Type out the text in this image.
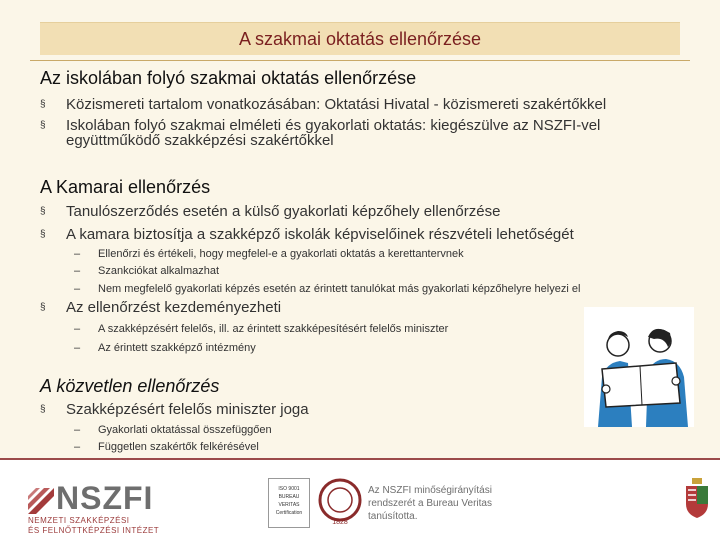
A szakmai oktatás ellenőrzése
Az iskolában folyó szakmai oktatás ellenőrzése
§ Közismereti tartalom vonatkozásában: Oktatási Hivatal - közismereti szakértőkkel
§ Iskolában folyó szakmai elméleti és gyakorlati oktatás: kiegészülve az NSZFI-vel
együttműködő szakképzési szakértőkkel
A Kamarai ellenőrzés
§ Tanulószerződés esetén a külső gyakorlati képzőhely ellenőrzése
§ A kamara biztosítja a szakképző iskolák képviselőinek részvételi lehetőségét
– Ellenőrzi és értékeli, hogy megfelel-e a gyakorlati oktatás a kerettantervnek
– Szankciókat alkalmazhat
– Nem megfelelő gyakorlati képzés esetén az érintett tanulókat más gyakorlati képzőhelyre helyezi el
§ Az ellenőrzést kezdeményezheti
– A szakképzésért felelős, ill. az érintett szakképesítésért felelős miniszter
– Az érintett szakképző intézmény
A közvetlen ellenőrzés
§ Szakképzésért felelős miniszter joga
– Gyakorlati oktatással összefüggően
– Független szakértők felkérésével
NSZFI
NEMZETI SZAKKÉPZÉSI
ÉS FELNŐTTKÉPZÉSI INTÉZET
ISO 9001
BUREAU VERITAS
Certification
1828
Az NSZFI minőségirányítási
rendszerét a Bureau Veritas
tanúsította.
